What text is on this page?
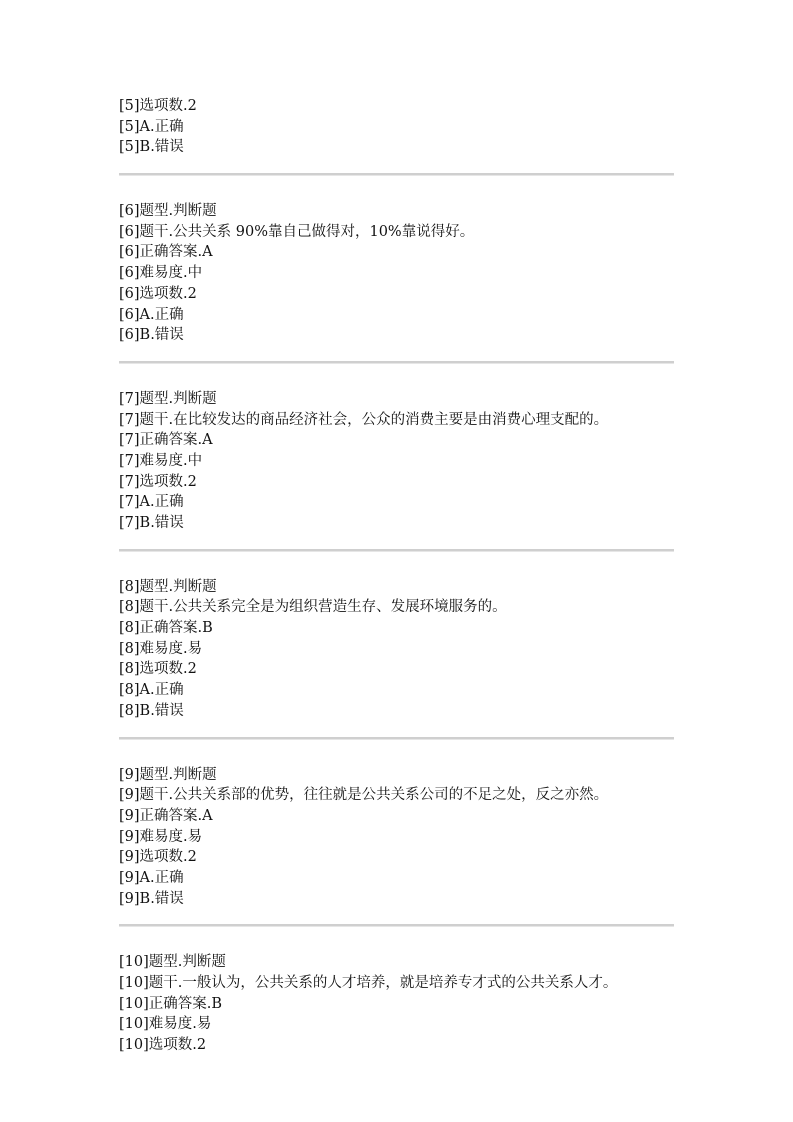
[5]选项数.2
[5]A.正确
[5]B.错误
[6]题型.判断题
[6]题干.公共关系 90%靠自己做得对，10%靠说得好。
[6]正确答案.A
[6]难易度.中
[6]选项数.2
[6]A.正确
[6]B.错误
[7]题型.判断题
[7]题干.在比较发达的商品经济社会，公众的消费主要是由消费心理支配的。
[7]正确答案.A
[7]难易度.中
[7]选项数.2
[7]A.正确
[7]B.错误
[8]题型.判断题
[8]题干.公共关系完全是为组织营造生存、发展环境服务的。
[8]正确答案.B
[8]难易度.易
[8]选项数.2
[8]A.正确
[8]B.错误
[9]题型.判断题
[9]题干.公共关系部的优势，往往就是公共关系公司的不足之处，反之亦然。
[9]正确答案.A
[9]难易度.易
[9]选项数.2
[9]A.正确
[9]B.错误
[10]题型.判断题
[10]题干.一般认为，公共关系的人才培养，就是培养专才式的公共关系人才。
[10]正确答案.B
[10]难易度.易
[10]选项数.2
